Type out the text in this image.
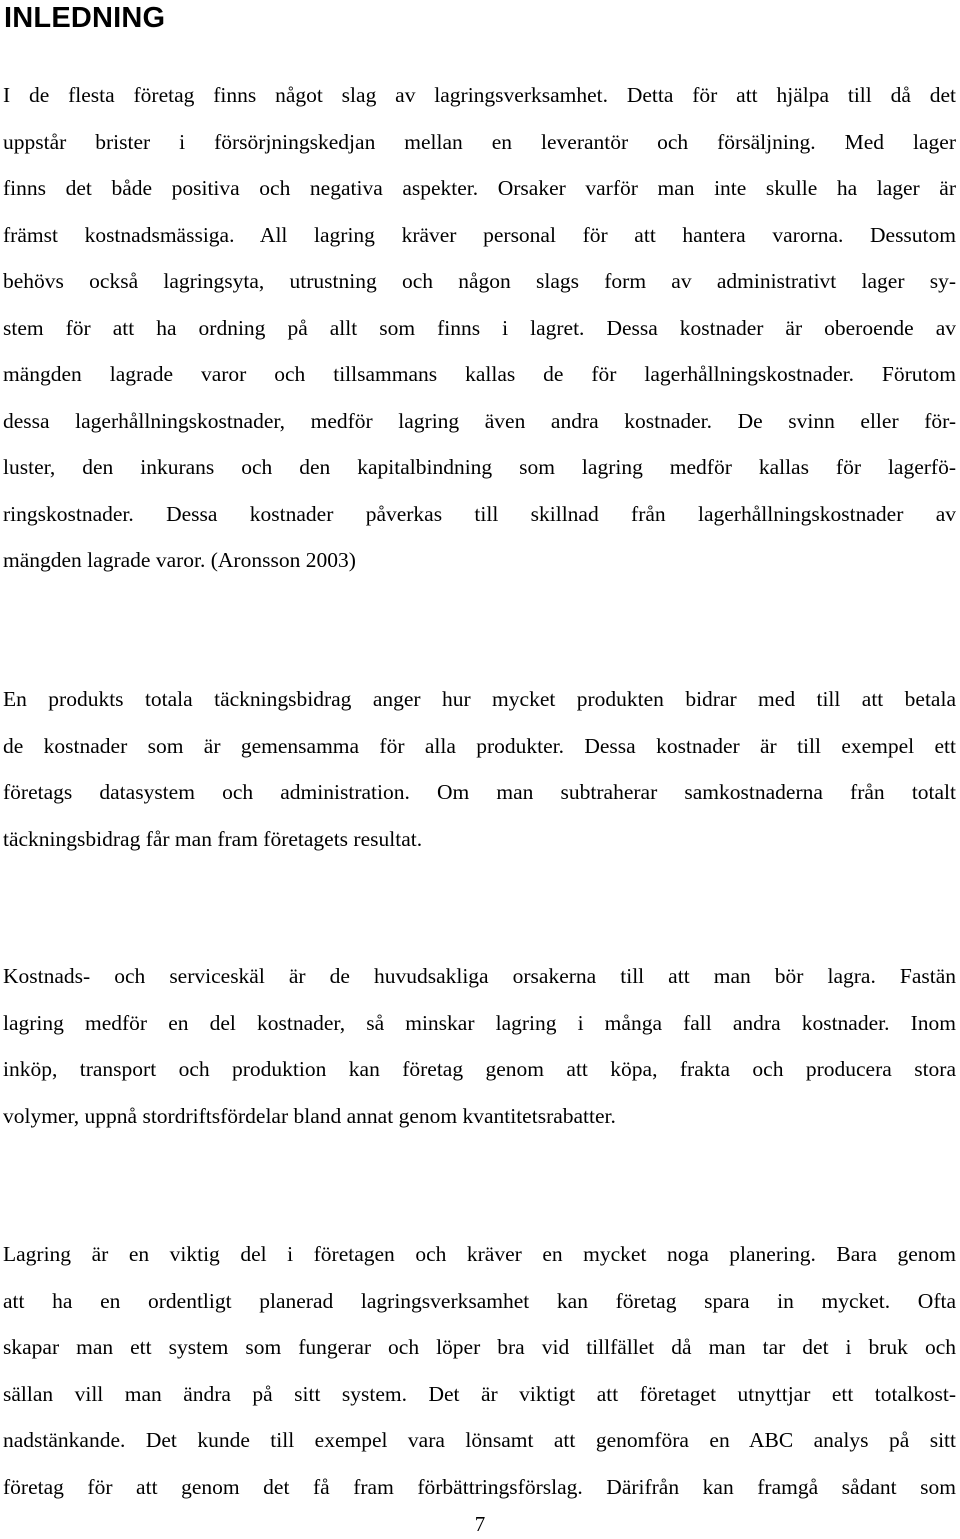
INLEDNING
I de flesta företag finns något slag av lagringsverksamhet. Detta för att hjälpa till då det
uppstår brister i försörjningskedjan mellan en leverantör och försäljning. Med lager
finns det både positiva och negativa aspekter. Orsaker varför man inte skulle ha lager är
främst kostnadsmässiga. All lagring kräver personal för att hantera varorna. Dessutom
behövs också lagringsyta, utrustning och någon slags form av administrativt lager sy-
stem för att ha ordning på allt som finns i lagret. Dessa kostnader är oberoende av
mängden lagrade varor och tillsammans kallas de för lagerhållningskostnader. Förutom
dessa lagerhållningskostnader, medför lagring även andra kostnader. De svinn eller för-
luster, den inkurans och den kapitalbindning som lagring medför kallas för lagerfö-
ringskostnader. Dessa kostnader påverkas till skillnad från lagerhållningskostnader av
mängden lagrade varor. (Aronsson 2003)
En produkts totala täckningsbidrag anger hur mycket produkten bidrar med till att betala
de kostnader som är gemensamma för alla produkter. Dessa kostnader är till exempel ett
företags datasystem och administration. Om man subtraherar samkostnaderna från totalt
täckningsbidrag får man fram företagets resultat.
Kostnads- och serviceskäl är de huvudsakliga orsakerna till att man bör lagra. Fastän
lagring medför en del kostnader, så minskar lagring i många fall andra kostnader. Inom
inköp, transport och produktion kan företag genom att köpa, frakta och producera stora
volymer, uppnå stordriftsfördelar bland annat genom kvantitetsrabatter.
Lagring är en viktig del i företagen och kräver en mycket noga planering. Bara genom
att ha en ordentligt planerad lagringsverksamhet kan företag spara in mycket. Ofta
skapar man ett system som fungerar och löper bra vid tillfället då man tar det i bruk och
sällan vill man ändra på sitt system. Det är viktigt att företaget utnyttjar ett totalkost-
nadstänkande. Det kunde till exempel vara lönsamt att genomföra en ABC analys på sitt
företag för att genom det få fram förbättringsförslag. Därifrån kan framgå sådant som
7
